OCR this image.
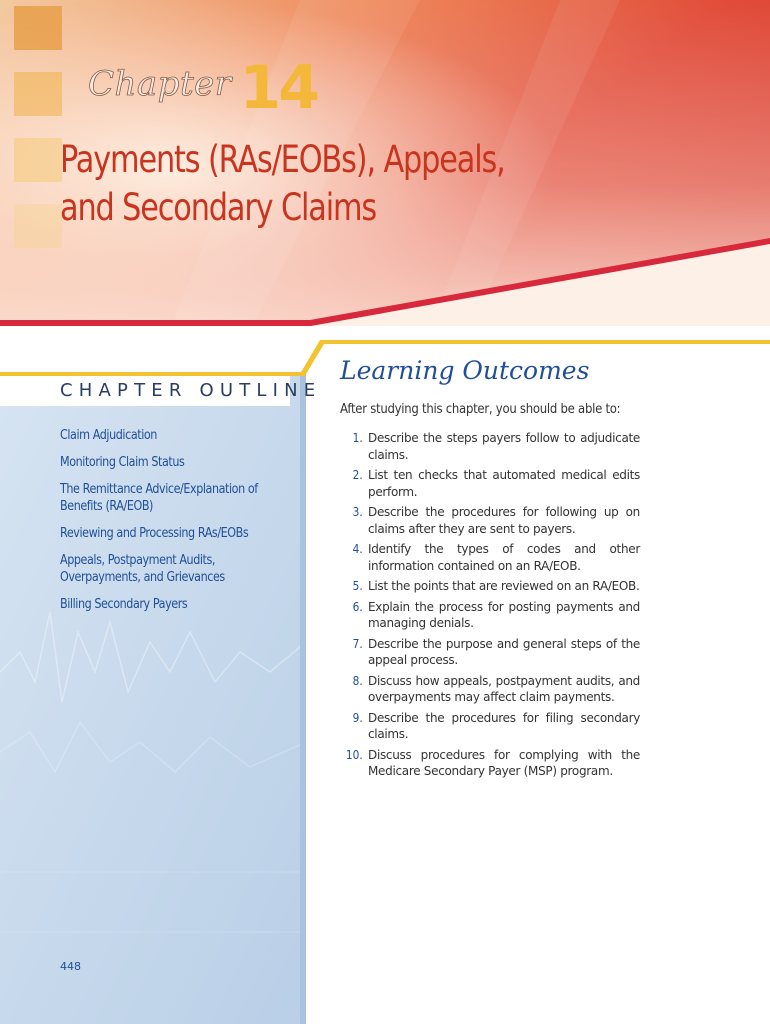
Chapter 14
Payments (RAs/EOBs), Appeals,
and Secondary Claims
CHAPTER OUTLINE
Claim Adjudication
Monitoring Claim Status
The Remittance Advice/Explanation of Benefits (RA/EOB)
Reviewing and Processing RAs/EOBs
Appeals, Postpayment Audits, Overpayments, and Grievances
Billing Secondary Payers
448
Learning Outcomes
After studying this chapter, you should be able to:
1. Describe the steps payers follow to adjudicate claims.
2. List ten checks that automated medical edits perform.
3. Describe the procedures for following up on claims after they are sent to payers.
4. Identify the types of codes and other information contained on an RA/EOB.
5. List the points that are reviewed on an RA/EOB.
6. Explain the process for posting payments and managing denials.
7. Describe the purpose and general steps of the appeal process.
8. Discuss how appeals, postpayment audits, and overpayments may affect claim payments.
9. Describe the procedures for filing secondary claims.
10. Discuss procedures for complying with the Medicare Secondary Payer (MSP) program.
